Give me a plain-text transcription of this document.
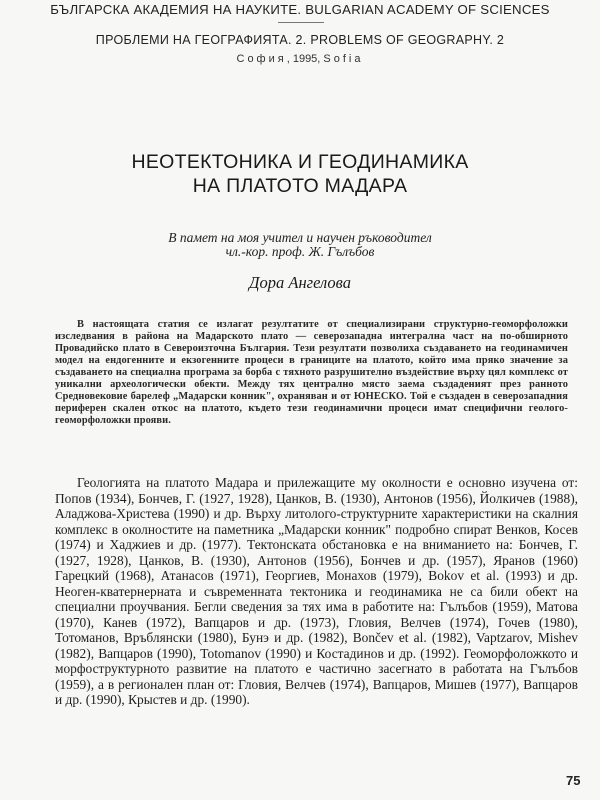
БЪЛГАРСКА АКАДЕМИЯ НА НАУКИТЕ. BULGARIAN ACADEMY OF SCIENCES
ПРОБЛЕМИ НА ГЕОГРАФИЯТА. 2. PROBLEMS OF GEOGRAPHY. 2
София, 1995, Sofia
НЕОТЕКТОНИКА И ГЕОДИНАМИКА
НА ПЛАТОТО МАДАРА
В памет на моя учител и научен ръководител
чл.-кор. проф. Ж. Гълъбов
Дора Ангелова

В настоящата статия се излагат резултатите от специализирани структурно-геоморфоложки изследвания в района на Мадарското плато — северозападна интегрална част на по-обширното Провадийско плато в Североизточна България. Тези резултати позволиха създаването на геодинамичен модел на ендогенните и екзогенните процеси в границите на платото, който има пряко значение за създаването на специална програма за борба с тяхното разрушително въздействие върху цял комплекс от уникални археологически обекти. Между тях централно място заема създаденият през ранното Средновековие барелеф „Мадарски конник", охраняван и от ЮНЕСКО. Той е създаден в северозападния периферен скален откос на платото, където тези геодинамични процеси имат специфични геолого-геоморфоложки прояви.

Геологията на платото Мадара и прилежащите му околности е основно изучена от: Попов (1934), Бончев, Г. (1927, 1928), Цанков, В. (1930), Антонов (1956), Йолкичев (1988), Аладжова-Христева (1990) и др. Върху литолого-структурните характеристики на скалния комплекс в околностите на паметника „Мадарски конник" подробно спират Венков, Косев (1974) и Хаджиев и др. (1977). Тектонската обстановка е на вниманието на: Бончев, Г. (1927, 1928), Цанков, В. (1930), Антонов (1956), Бончев и др. (1957), Яранов (1960) Гарецкий (1968), Атанасов (1971), Георгиев, Монахов (1979), Bokov et al. (1993) и др. Неоген-кватернерната и съвременната тектоника и геодинамика не са били обект на специални проучвания. Бегли сведения за тях има в работите на: Гълъбов (1959), Матова (1970), Канев (1972), Вапцаров и др. (1973), Гловия, Велчев (1974), Гочев (1980), Тотоманов, Връблянски (1980), Бунэ и др. (1982), Bončev et al. (1982), Vaptzarov, Mishev (1982), Вапцаров (1990), Totomanov (1990) и Костадинов и др. (1992). Геоморфоложкото и морфоструктурното развитие на платото е частично засегнато в работата на Гълъбов (1959), а в регионален план от: Гловия, Велчев (1974), Вапцаров, Мишев (1977), Вапцаров и др. (1990), Крыстев и др. (1990).

75
